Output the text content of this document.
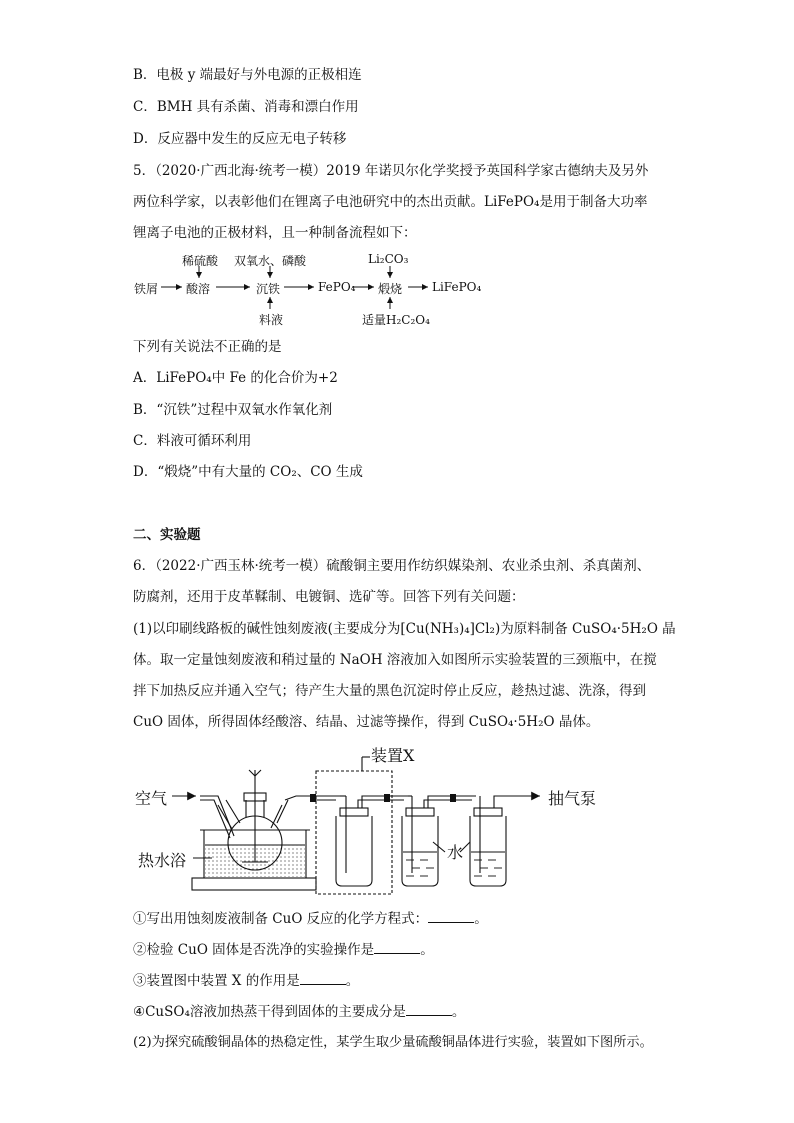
B．电极 y 端最好与外电源的正极相连
C．BMH 具有杀菌、消毒和漂白作用
D．反应器中发生的反应无电子转移
5．（2020·广西北海·统考一模）2019 年诺贝尔化学奖授予英国科学家古德纳夫及另外
两位科学家，以表彰他们在锂离子电池研究中的杰出贡献。LiFePO₄是用于制备大功率
锂离子电池的正极材料，且一种制备流程如下：
稀硫酸 双氧水、磷酸	Li₂CO₃
铁屑 酸溶	沉铁	FePO₄ 煅烧 LiFePO₄
料液	适量H₂C₂O₄
下列有关说法不正确的是
A．LiFePO₄中 Fe 的化合价为+2
B．“沉铁”过程中双氧水作氧化剂
C．料液可循环利用
D．“煅烧”中有大量的 CO₂、CO 生成
二、实验题
6．（2022·广西玉林·统考一模）硫酸铜主要用作纺织媒染剂、农业杀虫剂、杀真菌剂、
防腐剂，还用于皮革鞣制、电镀铜、选矿等。回答下列有关问题：
(1)以印刷线路板的碱性蚀刻废液(主要成分为[Cu(NH₃)₄]Cl₂)为原料制备 CuSO₄·5H₂O 晶
体。取一定量蚀刻废液和稍过量的 NaOH 溶液加入如图所示实验装置的三颈瓶中，在搅
拌下加热反应并通入空气；待产生大量的黑色沉淀时停止反应，趁热过滤、洗涤，得到
CuO 固体，所得固体经酸溶、结晶、过滤等操作，得到 CuSO₄·5H₂O 晶体。
装置X
空气	抽气泵
热水浴	水
①写出用蚀刻废液制备 CuO 反应的化学方程式：	。
②检验 CuO 固体是否洗净的实验操作是	。
③装置图中装置 X 的作用是	。
④CuSO₄溶液加热蒸干得到固体的主要成分是	。
(2)为探究硫酸铜晶体的热稳定性，某学生取少量硫酸铜晶体进行实验，装置如下图所示。
